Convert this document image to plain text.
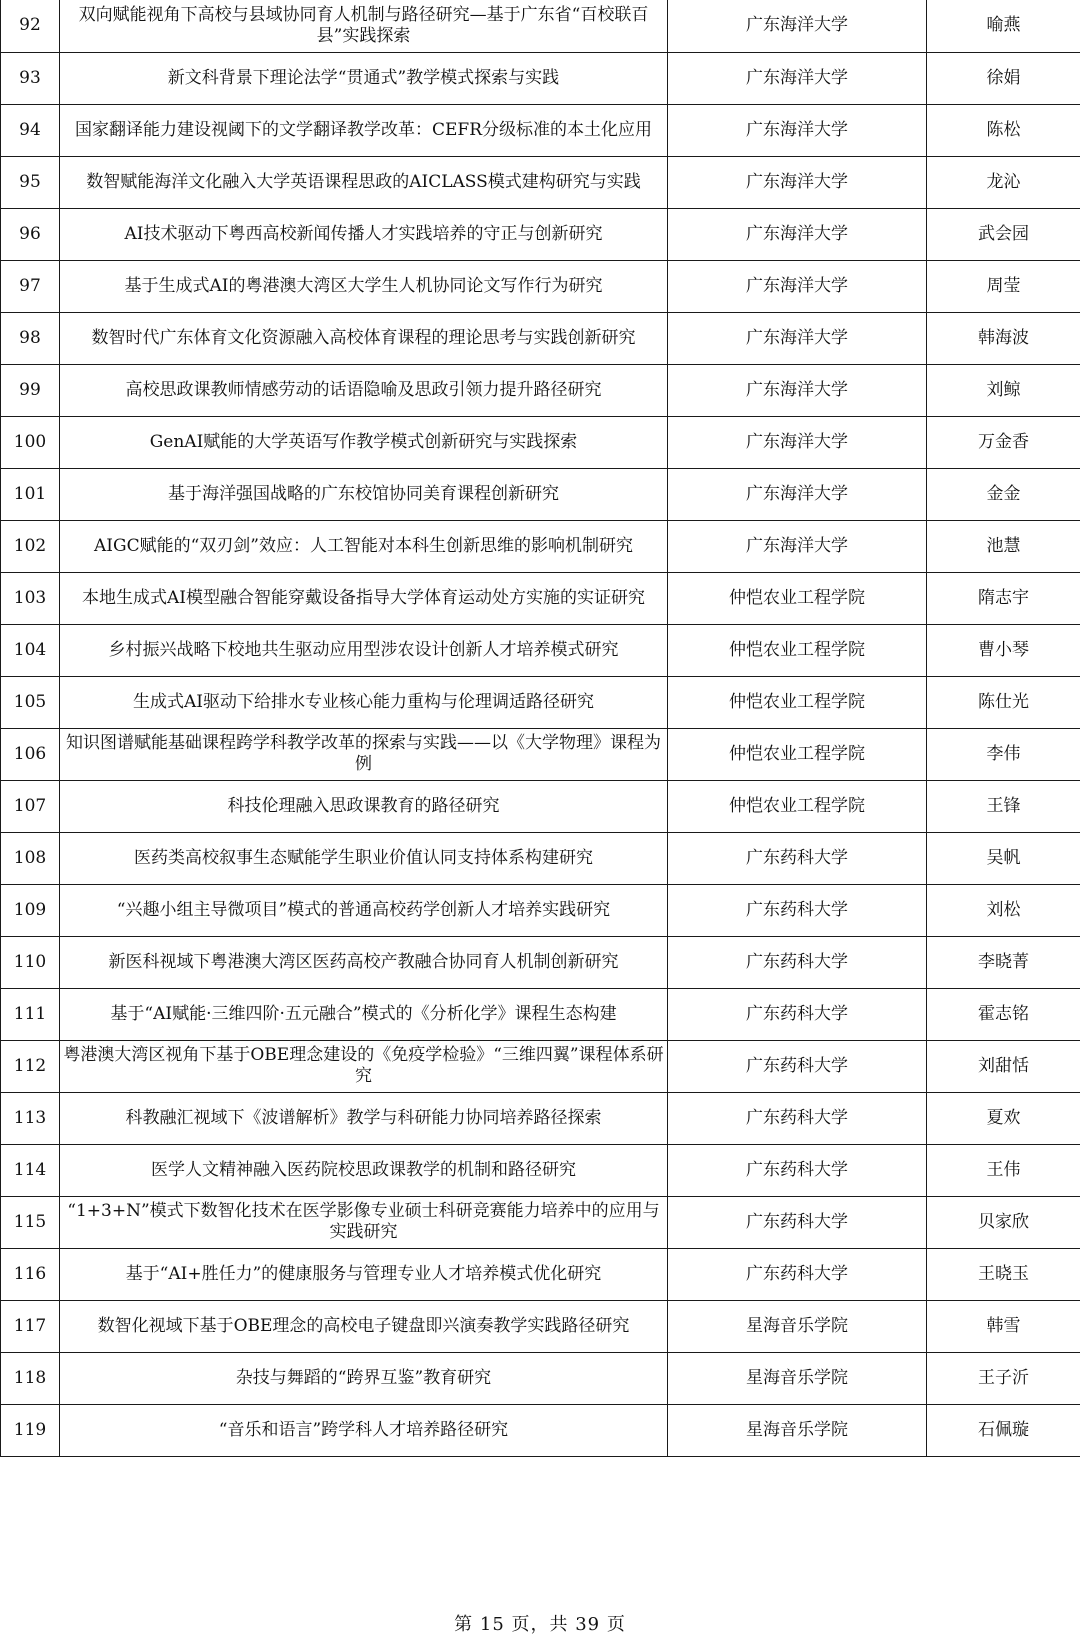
92	双向赋能视角下高校与县域协同育人机制与路径研究—基于广东省“百校联百县”实践探索	广东海洋大学	喻燕
93	新文科背景下理论法学“贯通式”教学模式探索与实践	广东海洋大学	徐娟
94	国家翻译能力建设视阈下的文学翻译教学改革：CEFR分级标准的本土化应用	广东海洋大学	陈松
95	数智赋能海洋文化融入大学英语课程思政的AICLASS模式建构研究与实践	广东海洋大学	龙沁
96	AI技术驱动下粤西高校新闻传播人才实践培养的守正与创新研究	广东海洋大学	武会园
97	基于生成式AI的粤港澳大湾区大学生人机协同论文写作行为研究	广东海洋大学	周莹
98	数智时代广东体育文化资源融入高校体育课程的理论思考与实践创新研究	广东海洋大学	韩海波
99	高校思政课教师情感劳动的话语隐喻及思政引领力提升路径研究	广东海洋大学	刘鲸
100	GenAI赋能的大学英语写作教学模式创新研究与实践探索	广东海洋大学	万金香
101	基于海洋强国战略的广东校馆协同美育课程创新研究	广东海洋大学	金金
102	AIGC赋能的“双刃剑”效应：人工智能对本科生创新思维的影响机制研究	广东海洋大学	池慧
103	本地生成式AI模型融合智能穿戴设备指导大学体育运动处方实施的实证研究	仲恺农业工程学院	隋志宇
104	乡村振兴战略下校地共生驱动应用型涉农设计创新人才培养模式研究	仲恺农业工程学院	曹小琴
105	生成式AI驱动下给排水专业核心能力重构与伦理调适路径研究	仲恺农业工程学院	陈仕光
106	知识图谱赋能基础课程跨学科教学改革的探索与实践——以《大学物理》课程为例	仲恺农业工程学院	李伟
107	科技伦理融入思政课教育的路径研究	仲恺农业工程学院	王锋
108	医药类高校叙事生态赋能学生职业价值认同支持体系构建研究	广东药科大学	吴帆
109	“兴趣小组主导微项目”模式的普通高校药学创新人才培养实践研究	广东药科大学	刘松
110	新医科视域下粤港澳大湾区医药高校产教融合协同育人机制创新研究	广东药科大学	李晓菁
111	基于“AI赋能·三维四阶·五元融合”模式的《分析化学》课程生态构建	广东药科大学	霍志铭
112	粤港澳大湾区视角下基于OBE理念建设的《免疫学检验》“三维四翼”课程体系研究	广东药科大学	刘甜恬
113	科教融汇视域下《波谱解析》教学与科研能力协同培养路径探索	广东药科大学	夏欢
114	医学人文精神融入医药院校思政课教学的机制和路径研究	广东药科大学	王伟
115	“1+3+N”模式下数智化技术在医学影像专业硕士科研竞赛能力培养中的应用与实践研究	广东药科大学	贝家欣
116	基于“AI+胜任力”的健康服务与管理专业人才培养模式优化研究	广东药科大学	王晓玉
117	数智化视域下基于OBE理念的高校电子键盘即兴演奏教学实践路径研究	星海音乐学院	韩雪
118	杂技与舞蹈的“跨界互鉴”教育研究	星海音乐学院	王子沂
119	“音乐和语言”跨学科人才培养路径研究	星海音乐学院	石佩璇
第 15 页，共 39 页
